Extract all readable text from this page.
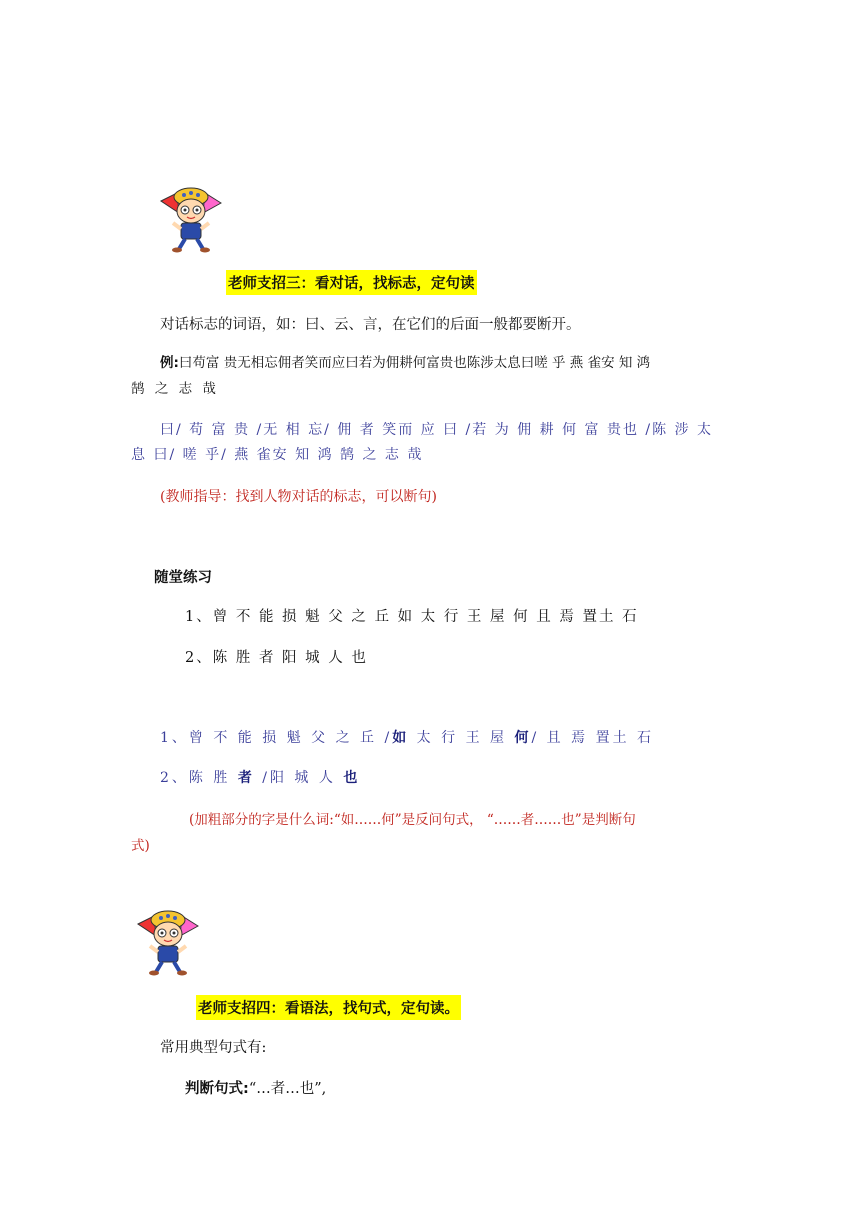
老师支招三：看对话，找标志，定句读
对话标志的词语，如：曰、云、言，在它们的后面一般都要断开。
例:曰苟富 贵无相忘佣者笑而应曰若为佣耕何富贵也陈涉太息曰嗟 乎 燕 雀安 知 鸿
鹄 之 志 哉
曰/ 苟 富 贵 /无 相 忘/ 佣 者 笑而 应 曰 /若 为 佣 耕 何 富 贵也 /陈 涉 太
息 曰/ 嗟 乎/ 燕 雀安 知 鸿 鹄 之 志 哉
(教师指导：找到人物对话的标志，可以断句)
随堂练习
1、曾 不 能 损 魁 父 之 丘 如 太 行 王 屋 何 且 焉 置土 石
2、陈 胜 者 阳 城 人 也
1、曾 不 能 损 魁 父 之 丘 /如 太 行 王 屋 何/ 且 焉 置土 石
2、陈 胜 者 /阳 城 人 也
(加粗部分的字是什么词:“如……何”是反问句式， “……者……也”是判断句
式)
老师支招四：看语法，找句式，定句读。
常用典型句式有:
判断句式:“…者…也”,
